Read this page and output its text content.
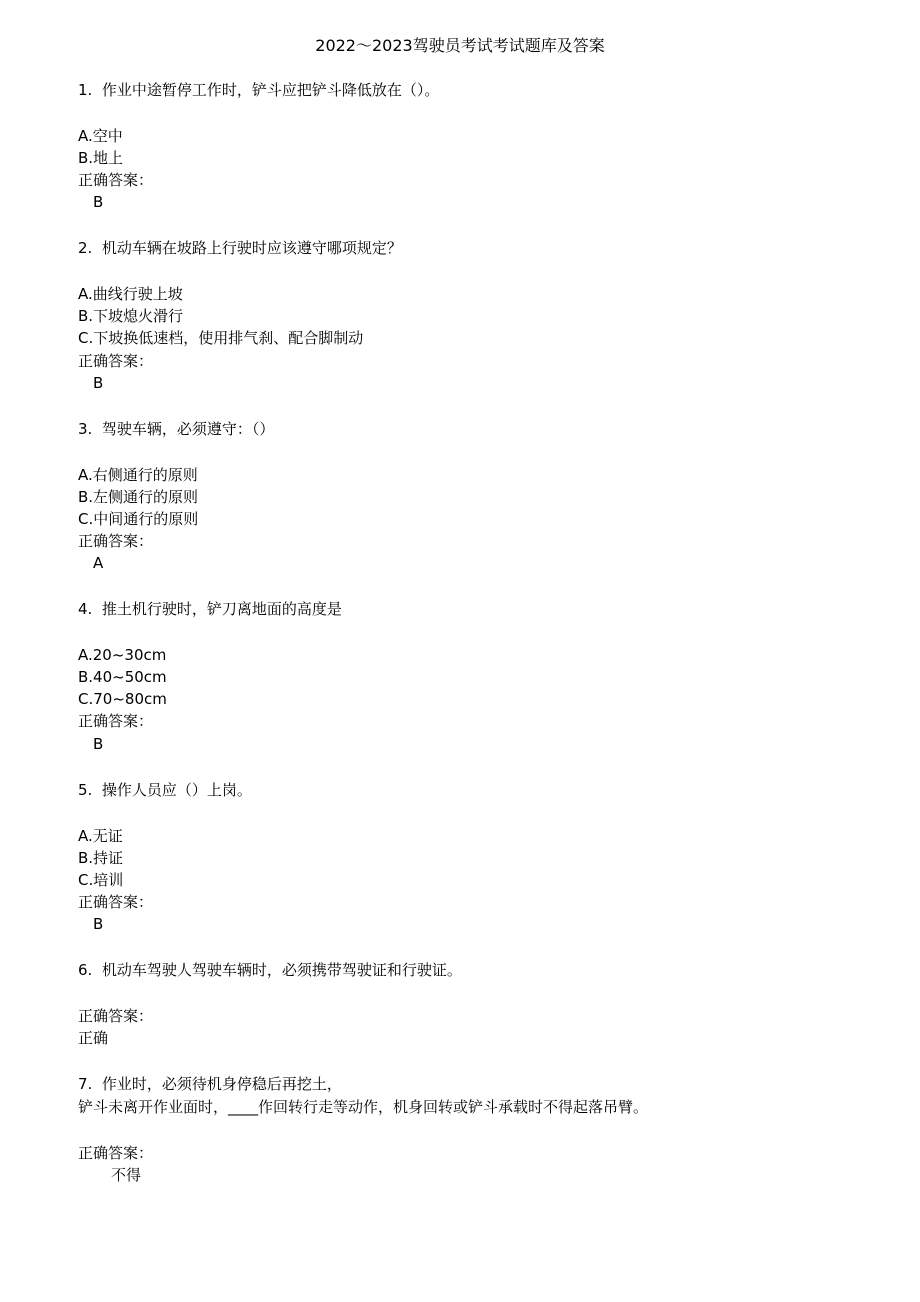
2022～2023驾驶员考试考试题库及答案
1. 作业中途暂停工作时，铲斗应把铲斗降低放在（）。
A.空中
B.地上
正确答案：
B
2. 机动车辆在坡路上行驶时应该遵守哪项规定？
A.曲线行驶上坡
B.下坡熄火滑行
C.下坡换低速档，使用排气刹、配合脚制动
正确答案：
B
3. 驾驶车辆，必须遵守：（）
A.右侧通行的原则
B.左侧通行的原则
C.中间通行的原则
正确答案：
A
4. 推土机行驶时，铲刀离地面的高度是
A.20~30cm
B.40~50cm
C.70~80cm
正确答案：
B
5. 操作人员应（）上岗。
A.无证
B.持证
C.培训
正确答案：
B
6. 机动车驾驶人驾驶车辆时，必须携带驾驶证和行驶证。
正确答案：
正确
7. 作业时，必须待机身停稳后再挖土，
铲斗未离开作业面时，____作回转行走等动作，机身回转或铲斗承载时不得起落吊臂。
正确答案：
不得
